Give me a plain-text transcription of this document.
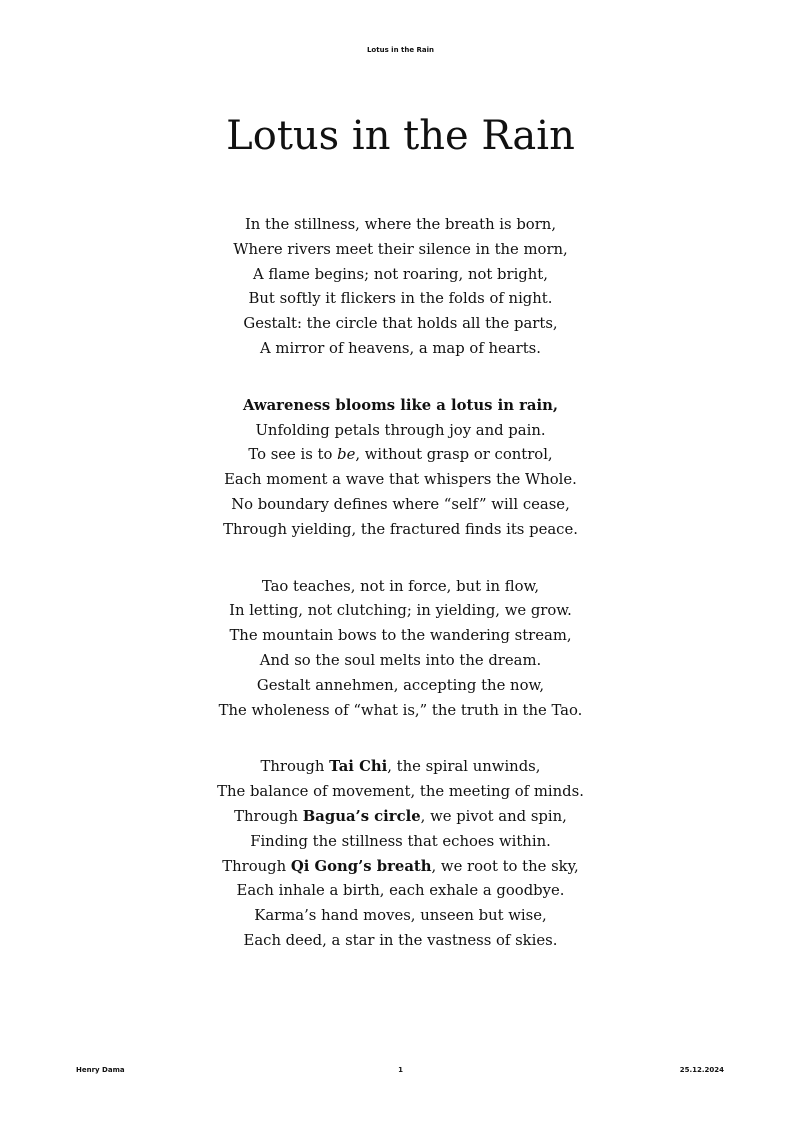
Lotus in the Rain
Lotus in the Rain
In the stillness, where the breath is born,
Where rivers meet their silence in the morn,
A flame begins; not roaring, not bright,
But softly it flickers in the folds of night.
Gestalt: the circle that holds all the parts,
A mirror of heavens, a map of hearts.
Awareness blooms like a lotus in rain,
Unfolding petals through joy and pain.
To see is to be, without grasp or control,
Each moment a wave that whispers the Whole.
No boundary defines where “self” will cease,
Through yielding, the fractured finds its peace.
Tao teaches, not in force, but in flow,
In letting, not clutching; in yielding, we grow.
The mountain bows to the wandering stream,
And so the soul melts into the dream.
Gestalt annehmen, accepting the now,
The wholeness of “what is,” the truth in the Tao.
Through Tai Chi, the spiral unwinds,
The balance of movement, the meeting of minds.
Through Bagua’s circle, we pivot and spin,
Finding the stillness that echoes within.
Through Qi Gong’s breath, we root to the sky,
Each inhale a birth, each exhale a goodbye.
Karma’s hand moves, unseen but wise,
Each deed, a star in the vastness of skies.
Henry Dama	1	25.12.2024
